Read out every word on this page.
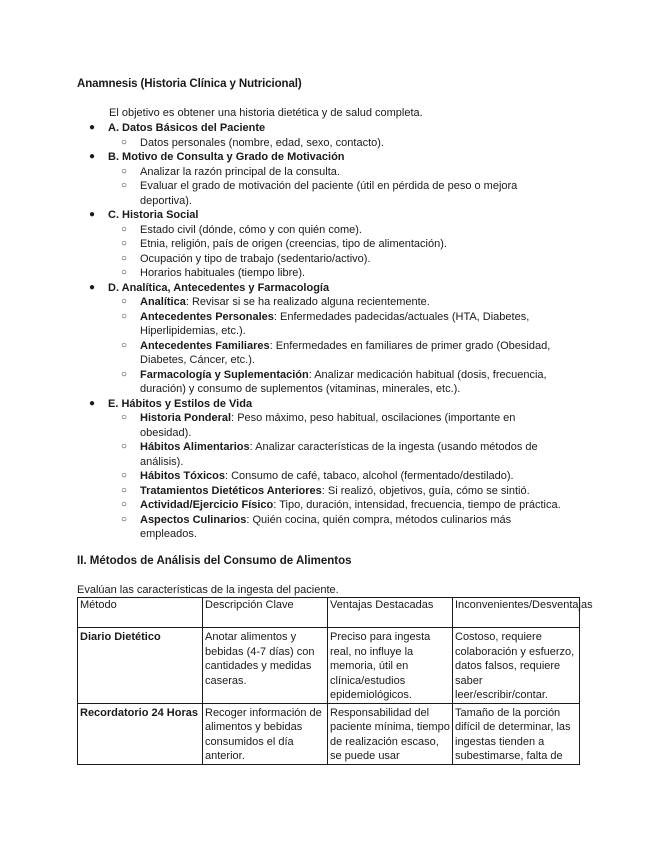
Anamnesis (Historia Clínica y Nutricional)
El objetivo es obtener una historia dietética y de salud completa.
● A. Datos Básicos del Paciente
○ Datos personales (nombre, edad, sexo, contacto).
● B. Motivo de Consulta y Grado de Motivación
○ Analizar la razón principal de la consulta.
○ Evaluar el grado de motivación del paciente (útil en pérdida de peso o mejora deportiva).
● C. Historia Social
○ Estado civil (dónde, cómo y con quién come).
○ Etnia, religión, país de origen (creencias, tipo de alimentación).
○ Ocupación y tipo de trabajo (sedentario/activo).
○ Horarios habituales (tiempo libre).
● D. Analítica, Antecedentes y Farmacología
○ Analítica: Revisar si se ha realizado alguna recientemente.
○ Antecedentes Personales: Enfermedades padecidas/actuales (HTA, Diabetes, Hiperlipidemias, etc.).
○ Antecedentes Familiares: Enfermedades en familiares de primer grado (Obesidad, Diabetes, Cáncer, etc.).
○ Farmacología y Suplementación: Analizar medicación habitual (dosis, frecuencia, duración) y consumo de suplementos (vitaminas, minerales, etc.).
● E. Hábitos y Estilos de Vida
○ Historia Ponderal: Peso máximo, peso habitual, oscilaciones (importante en obesidad).
○ Hábitos Alimentarios: Analizar características de la ingesta (usando métodos de análisis).
○ Hábitos Tóxicos: Consumo de café, tabaco, alcohol (fermentado/destilado).
○ Tratamientos Dietéticos Anteriores: Si realizó, objetivos, guía, cómo se sintió.
○ Actividad/Ejercicio Físico: Tipo, duración, intensidad, frecuencia, tiempo de práctica.
○ Aspectos Culinarios: Quién cocina, quién compra, métodos culinarios más empleados.
II. Métodos de Análisis del Consumo de Alimentos
Evalúan las características de la ingesta del paciente.
Método	Descripción Clave	Ventajas Destacadas	Inconvenientes/Desventajas
Diario Dietético	Anotar alimentos y bebidas (4-7 días) con cantidades y medidas caseras.	Preciso para ingesta real, no influye la memoria, útil en clínica/estudios epidemiológicos.	Costoso, requiere colaboración y esfuerzo, datos falsos, requiere saber leer/escribir/contar.
Recordatorio 24 Horas	Recoger información de alimentos y bebidas consumidos el día anterior.	Responsabilidad del paciente mínima, tiempo de realización escaso, se puede usar	Tamaño de la porción difícil de determinar, las ingestas tienden a subestimarse, falta de
